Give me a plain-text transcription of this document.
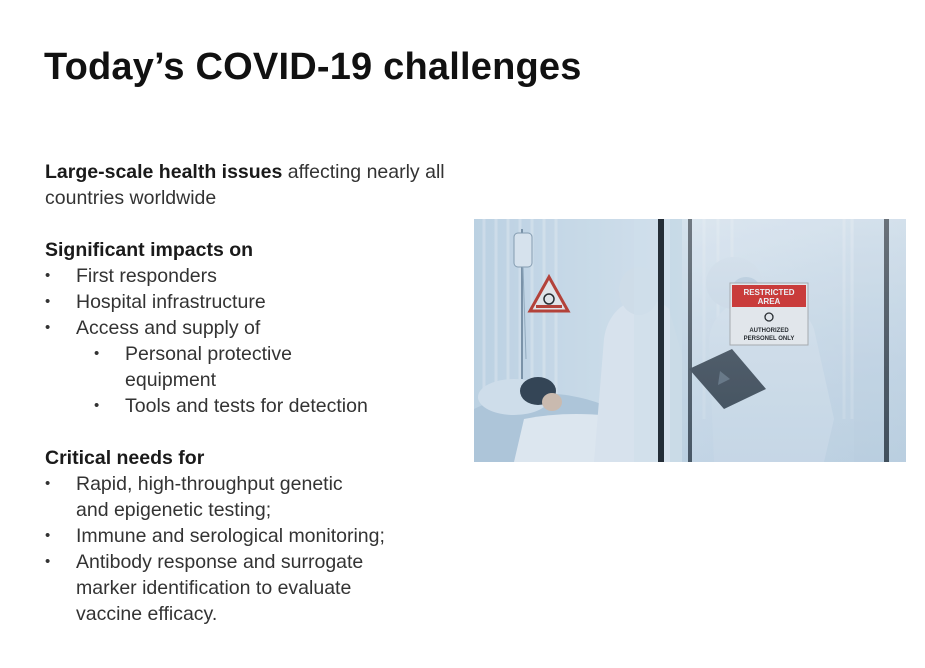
Today’s COVID-19 challenges

Large-scale health issues affecting nearly all countries worldwide

Significant impacts on

• First responders
• Hospital infrastructure
• Access and supply of
• Personal protective equipment
• Tools and tests for detection

Critical needs for

• Rapid, high-throughput genetic and epigenetic testing;
• Immune and serological monitoring;
• Antibody response and surrogate marker identification to evaluate vaccine efficacy.
RESTRICTED
AREA
AUTHORIZED
PERSONEL ONLY
